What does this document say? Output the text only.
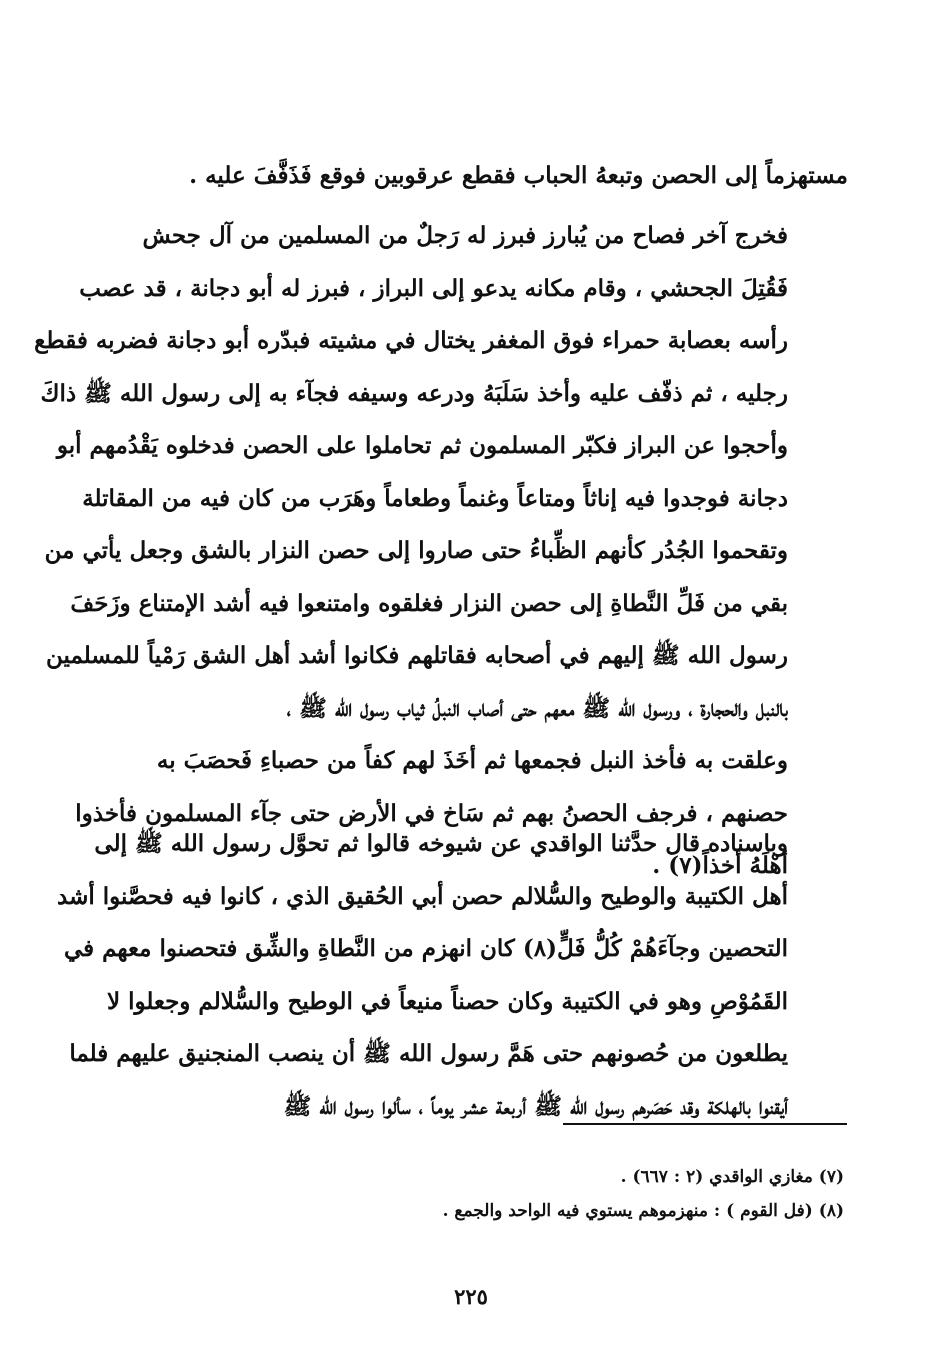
مستهزماً إلى الحصن وتبعهُ الحباب فقطع عرقوبين فوقع فَذَفَّفَ عليه .
فخرج آخر فصاح من يُبارز فبرز له رَجلٌ من المسلمين من آل جحش
فَقُتِلَ الجحشي ، وقام مكانه يدعو إلى البراز ، فبرز له أبو دجانة ، قد عصب
رأسه بعصابة حمراء فوق المغفر يختال في مشيته فبدّره أبو دجانة فضربه فقطع
رجليه ، ثم ذفّف عليه وأخذ سَلَبَهُ ودرعه وسيفه فجآء به إلى رسول الله ﷺ ذاكَ
وأحجوا عن البراز فكبّر المسلمون ثم تحاملوا على الحصن فدخلوه يَقْدُمهم أبو
دجانة فوجدوا فيه إناثاً ومتاعاً وغنماً وطعاماً وهَرَب من كان فيه من المقاتلة
وتقحموا الجُدُر كأنهم الظِّباءُ حتى صاروا إلى حصن النزار بالشق وجعل يأتي من
بقي من فَلِّ النَّطاةِ إلى حصن النزار فغلقوه وامتنعوا فيه أشد الإمتناع وزَحَفَ
رسول الله ﷺ إليهم في أصحابه فقاتلهم فكانوا أشد أهل الشق رَمْياً للمسلمين
بالنبل والحجارة ، ورسول الله ﷺ معهم حتى أصاب النبلُ ثياب رسول الله ﷺ ،
وعلقت به فأخذ النبل فجمعها ثم أخَذَ لهم كفاً من حصباءِ فَحصَبَ به
حصنهم ، فرجف الحصنُ بهم ثم سَاخ في الأرض حتى جآء المسلمون فأخذوا
أهْلَهُ أخذاً(٧) .
وباسناده قال حدَّثنا الواقدي عن شيوخه قالوا ثم تحوَّل رسول الله ﷺ إلى
أهل الكتيبة والوطيح والسُّلالم حصن أبي الحُقيق الذي ، كانوا فيه فحصَّنوا أشد
التحصين وجآءَهُمْ كُلُّ فَلٍّ(٨) كان انهزم من النَّطاةِ والشِّق فتحصنوا معهم في
القَمُوْصِ وهو في الكتيبة وكان حصناً منيعاً في الوطيح والسُّلالم وجعلوا لا
يطلعون من حُصونهم حتى هَمَّ رسول الله ﷺ أن ينصب المنجنيق عليهم فلما
أيقنوا بالهلكة وقد حَصَرهم رسول الله ﷺ أربعة عشر يوماً ، سألوا رسول الله ﷺ
(٧) مغازي الواقدي (٢ : ٦٦٧) .
(٨) (فل القوم ) : منهزموهم يستوي فيه الواحد والجمع .
٢٢٥
